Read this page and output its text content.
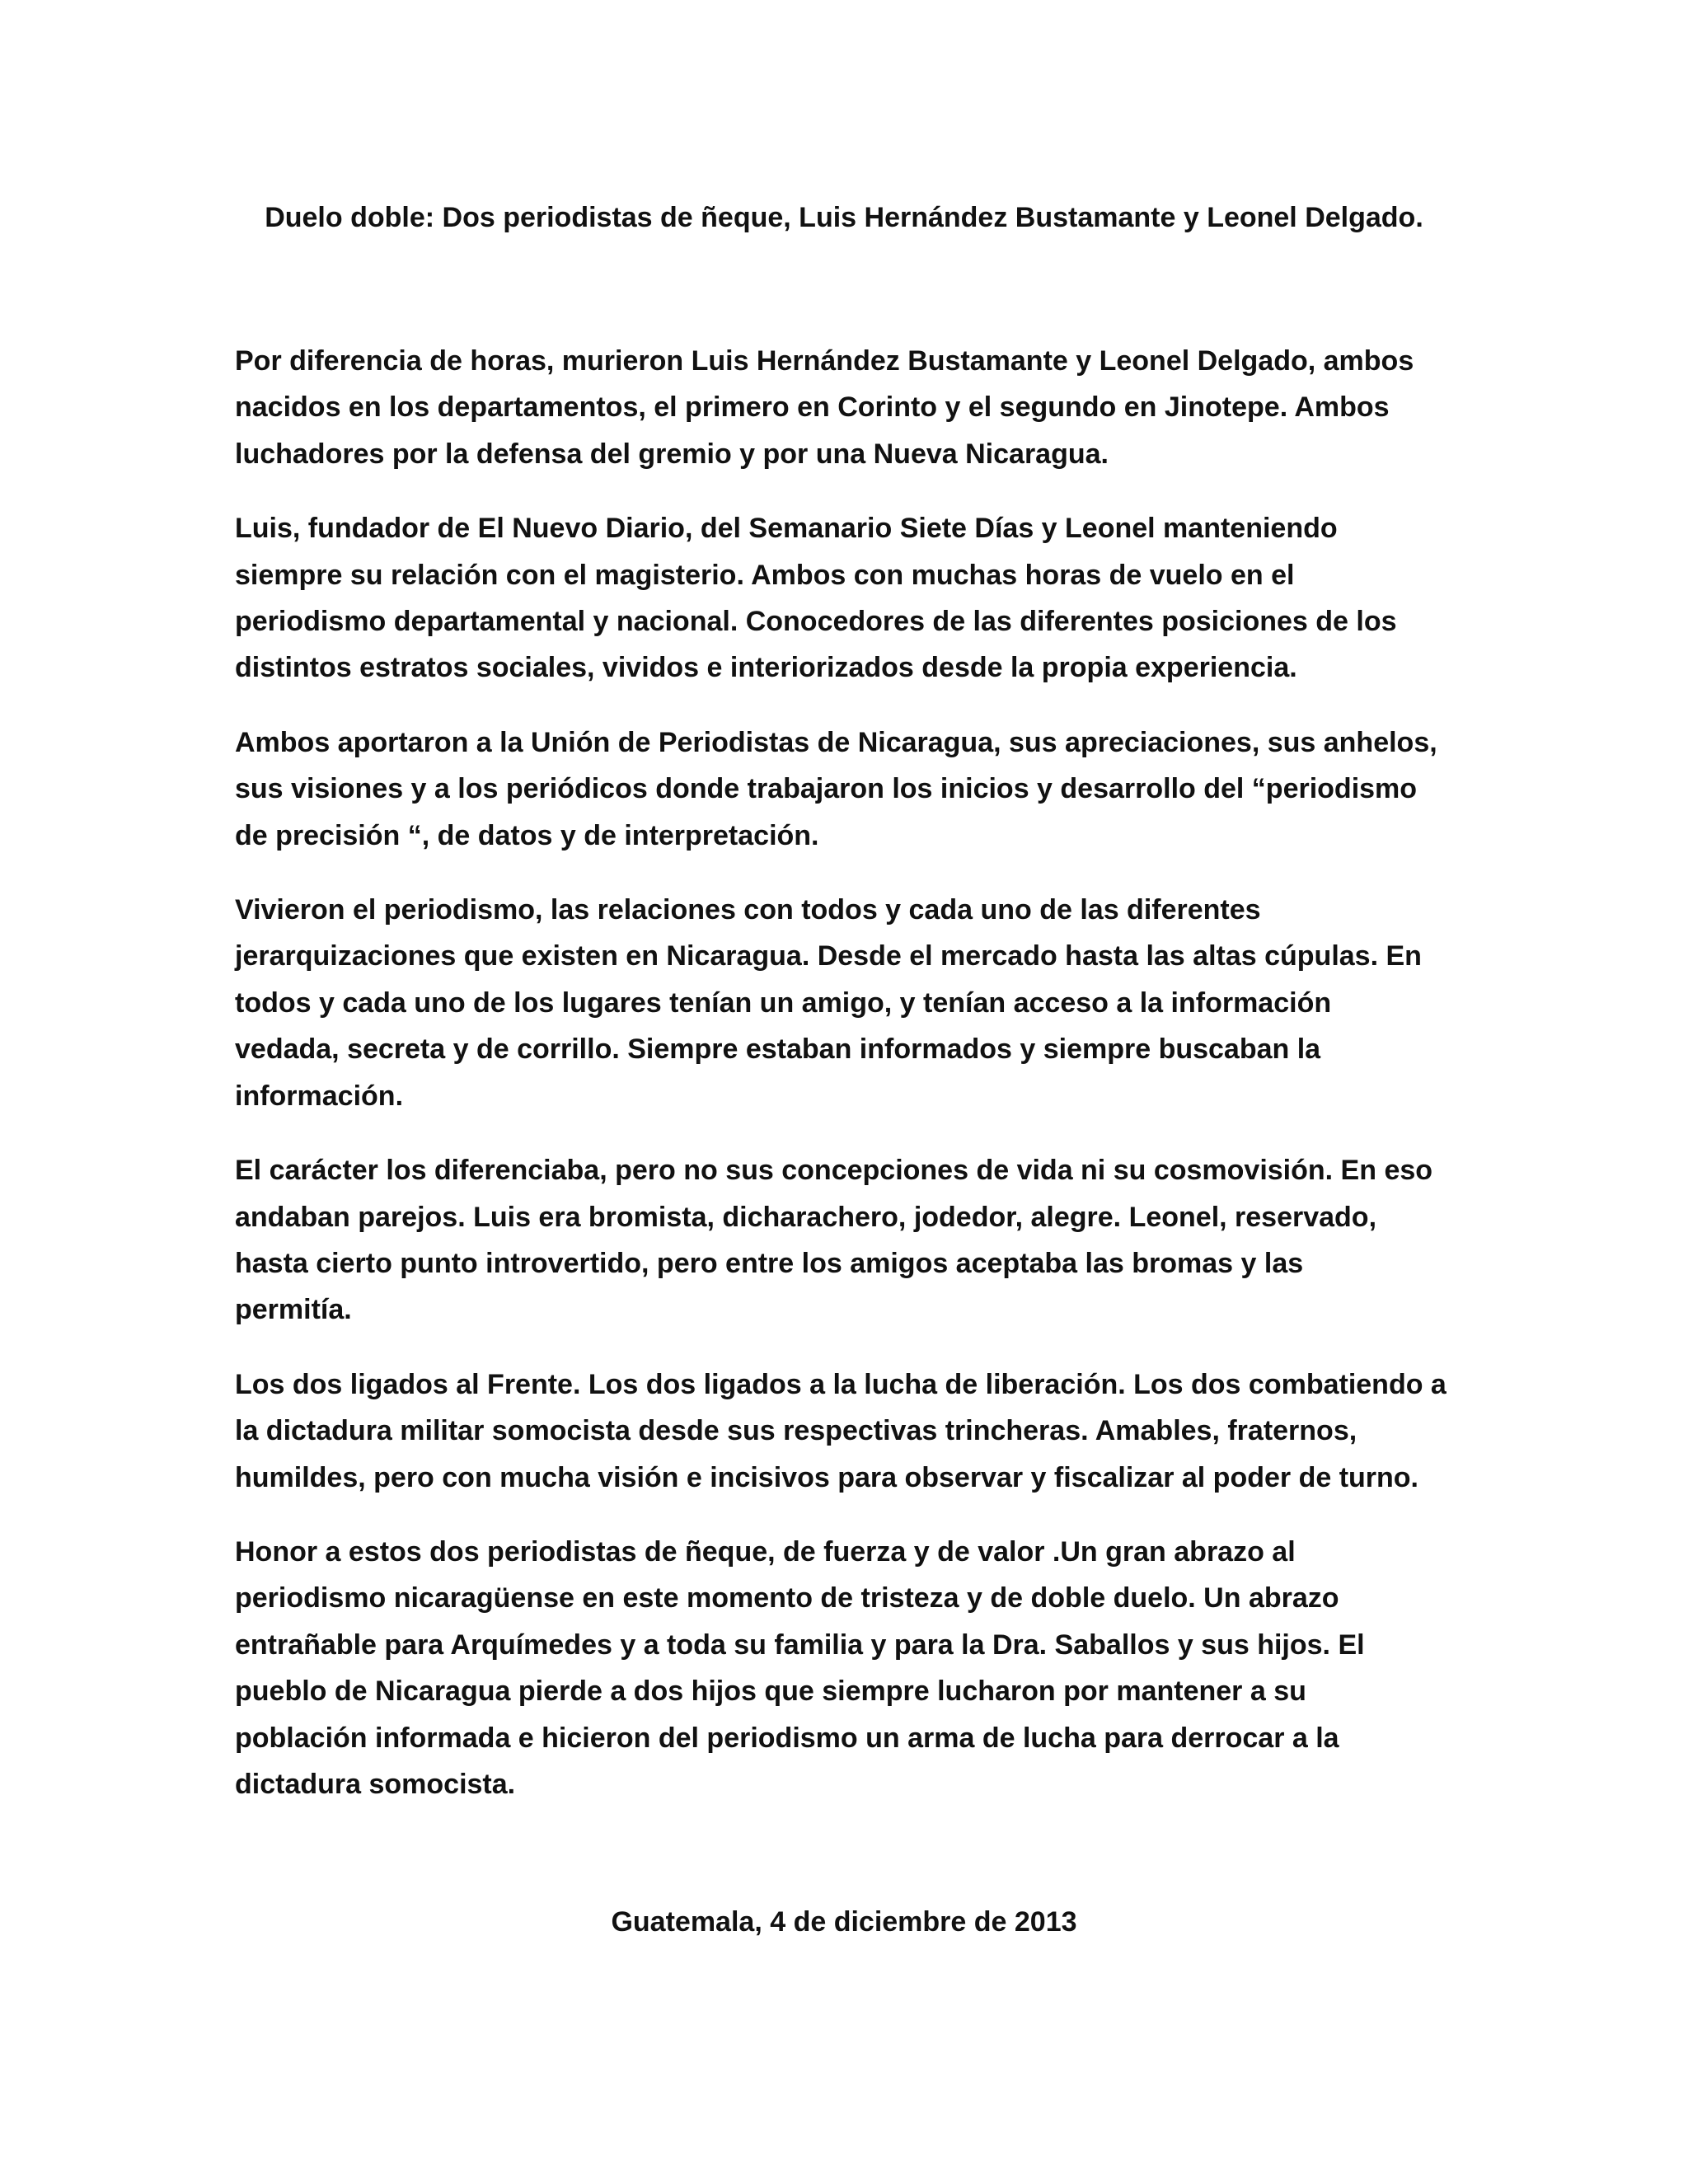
Duelo doble: Dos periodistas de ñeque, Luis Hernández Bustamante y Leonel Delgado.

Por diferencia de horas, murieron Luis Hernández Bustamante y Leonel Delgado, ambos
nacidos en los departamentos, el primero en Corinto y el segundo en Jinotepe. Ambos
luchadores por la defensa del gremio y por una Nueva Nicaragua.

Luis, fundador de El Nuevo Diario, del Semanario Siete Días y Leonel manteniendo
siempre su relación con el magisterio. Ambos con muchas horas de vuelo en el
periodismo departamental y nacional. Conocedores de las diferentes posiciones de los
distintos estratos sociales, vividos e interiorizados desde la propia experiencia.

Ambos aportaron a la Unión de Periodistas de Nicaragua, sus apreciaciones, sus anhelos,
sus visiones y a los periódicos donde trabajaron los inicios y desarrollo del “periodismo
de precisión “, de datos y de interpretación.

Vivieron el periodismo, las relaciones con todos y cada uno de las diferentes
jerarquizaciones que existen en Nicaragua. Desde el mercado hasta las altas cúpulas. En
todos y cada uno de los lugares tenían un amigo, y tenían acceso a la información
vedada, secreta y de corrillo. Siempre estaban informados y siempre buscaban la
información.

El carácter los diferenciaba, pero no sus concepciones de vida ni su cosmovisión. En eso
andaban parejos. Luis era bromista, dicharachero, jodedor, alegre. Leonel, reservado,
hasta cierto punto introvertido, pero entre los amigos aceptaba las bromas y las
permitía.

Los dos ligados al Frente. Los dos ligados a la lucha de liberación. Los dos combatiendo a
la dictadura militar somocista desde sus respectivas trincheras. Amables, fraternos,
humildes, pero con mucha visión e incisivos para observar y fiscalizar al poder de turno.

Honor a estos dos periodistas de ñeque, de fuerza y de valor .Un gran abrazo al
periodismo nicaragüense en este momento de tristeza y de doble duelo. Un abrazo
entrañable para Arquímedes y a toda su familia y para la Dra. Saballos y sus hijos. El
pueblo de Nicaragua pierde a dos hijos que siempre lucharon por mantener a su
población informada e hicieron del periodismo un arma de lucha para derrocar a la
dictadura somocista.

Guatemala, 4 de diciembre de 2013
